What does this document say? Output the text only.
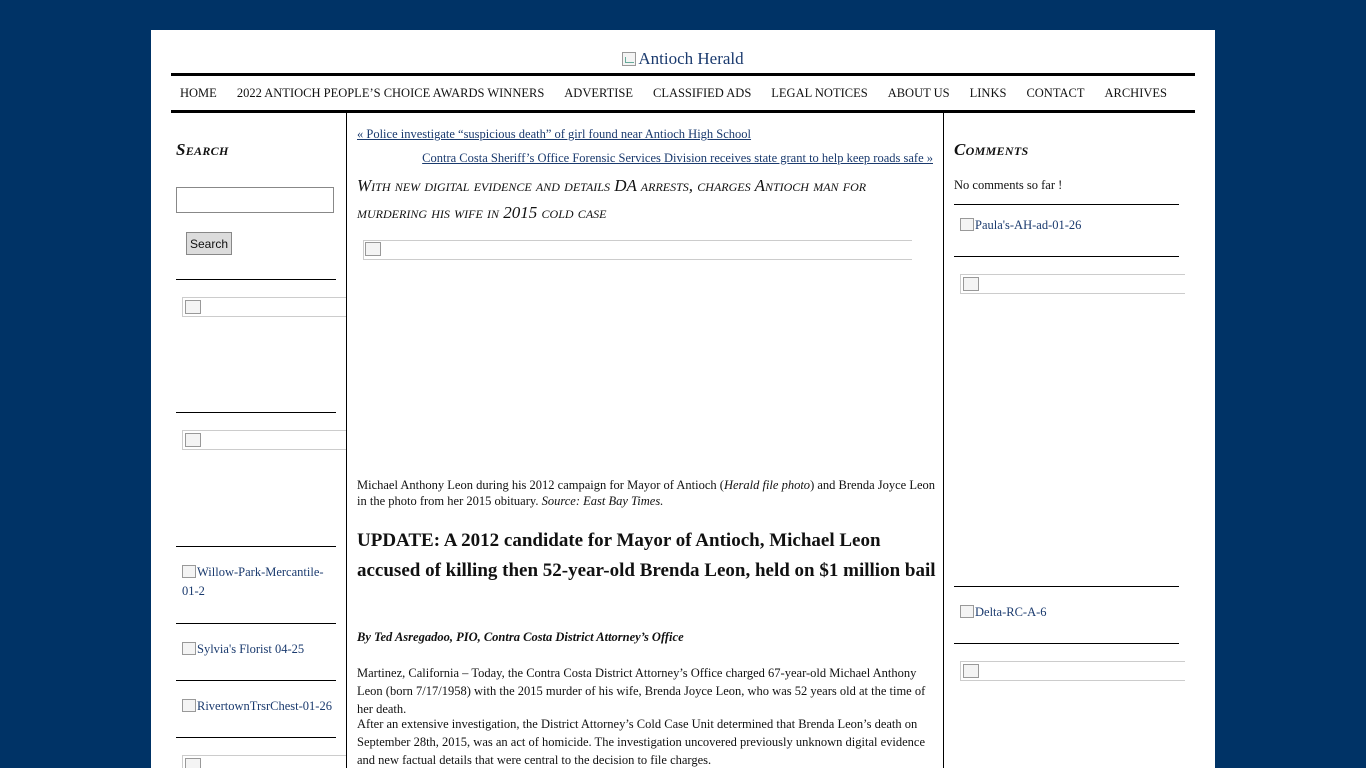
Antioch Herald
HOME 2022 ANTIOCH PEOPLE’S CHOICE AWARDS WINNERS ADVERTISE CLASSIFIED ADS LEGAL NOTICES ABOUT US LINKS CONTACT ARCHIVES
Search
Search
Willow-Park-Mercantile-01-2
Sylvia's Florist 04-25
RivertownTrsrChest-01-26
« Police investigate “suspicious death” of girl found near Antioch High School
Contra Costa Sheriff’s Office Forensic Services Division receives state grant to help keep roads safe »
With new digital evidence and details DA arrests, charges Antioch man for murdering his wife in 2015 cold case
Michael Anthony Leon during his 2012 campaign for Mayor of Antioch (Herald file photo) and Brenda Joyce Leon in the photo from her 2015 obituary. Source: East Bay Times.
UPDATE: A 2012 candidate for Mayor of Antioch, Michael Leon accused of killing then 52-year-old Brenda Leon, held on $1 million bail
By Ted Asregadoo, PIO, Contra Costa District Attorney’s Office

Martinez, California – Today, the Contra Costa District Attorney’s Office charged 67-year-old Michael Anthony Leon (born 7/17/1958) with the 2015 murder of his wife, Brenda Joyce Leon, who was 52 years old at the time of her death.

After an extensive investigation, the District Attorney’s Cold Case Unit determined that Brenda Leon’s death on September 28th, 2015, was an act of homicide. The investigation uncovered previously unknown digital evidence and new factual details that were central to the decision to file charges.

Comments
No comments so far !
Paula's-AH-ad-01-26
Delta-RC-A-6
